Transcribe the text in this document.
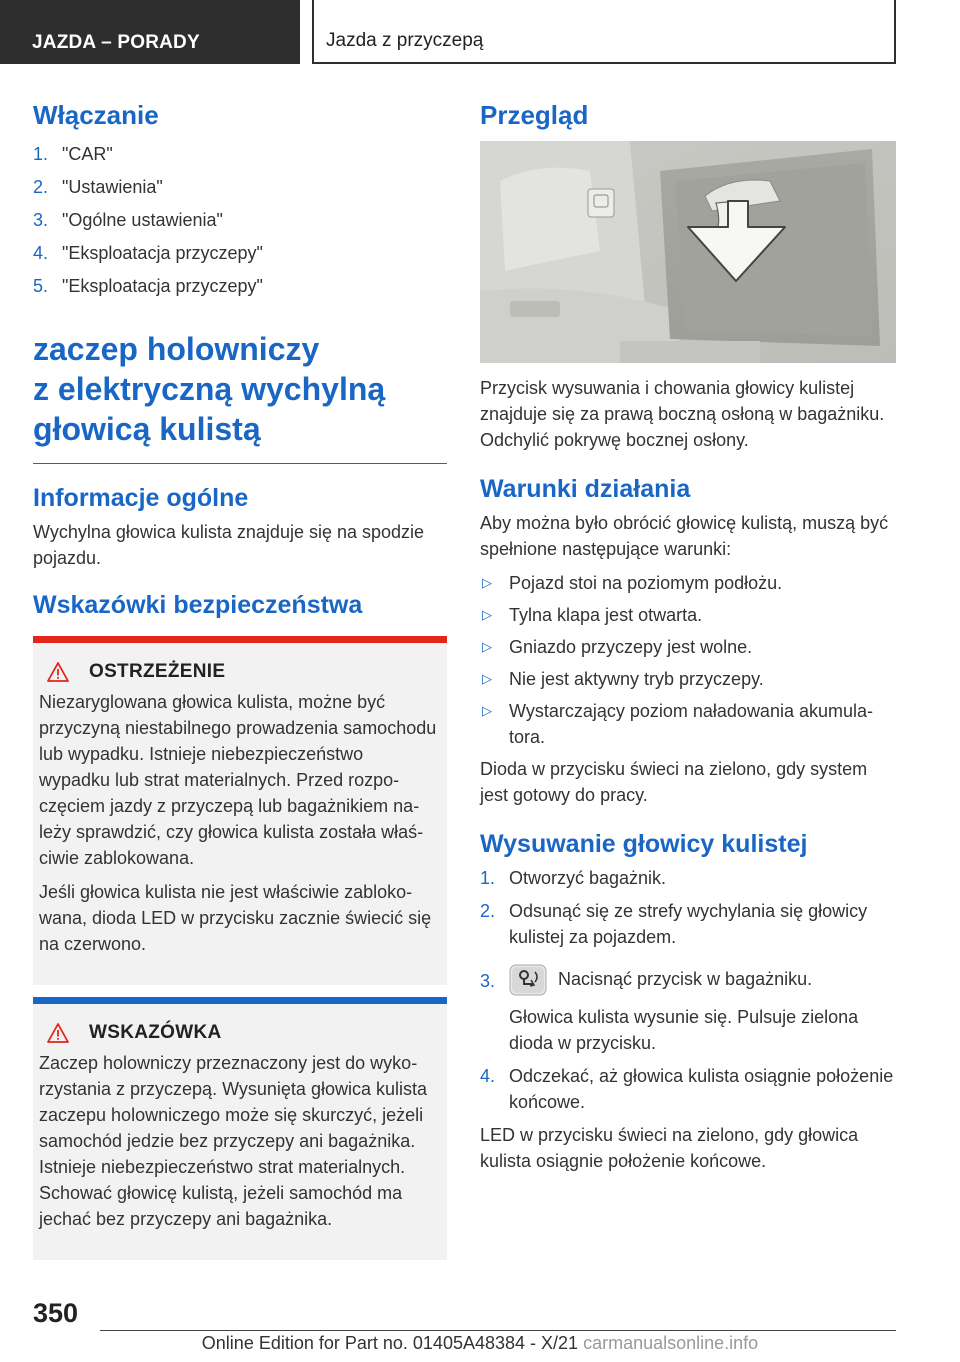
JAZDA – PORADY	Jazda z przyczepą
Włączanie
1. "CAR"
2. "Ustawienia"
3. "Ogólne ustawienia"
4. "Eksploatacja przyczepy"
5. "Eksploatacja przyczepy"
zaczep holowniczy
z elektryczną wychylną
głowicą kulistą
Informacje ogólne

Wychylna głowica kulista znajduje się na spodzie pojazdu.

Wskazówki bezpieczeństwa
OSTRZEŻENIE

Niezaryglowana głowica kulista, możne być przyczyną niestabilnego prowadzenia samochodu lub wypadku. Istnieje niebezpieczeństwo wypadku lub strat materialnych. Przed rozpoczęciem jazdy z przyczepą lub bagażnikiem należy sprawdzić, czy głowica kulista została właściwie zablokowana.

Jeśli głowica kulista nie jest właściwie zablokowana, dioda LED w przycisku zacznie świecić się na czerwono.

WSKAZÓWKA

Zaczep holowniczy przeznaczony jest do wykorzystania z przyczepą. Wysunięta głowica kulista zaczepu holowniczego może się skurczyć, jeżeli samochód jedzie bez przyczepy ani bagażnika. Istnieje niebezpieczeństwo strat materialnych. Schować głowicę kulistą, jeżeli samochód ma jechać bez przyczepy ani bagażnika.

Przegląd

Przycisk wysuwania i chowania głowicy kulistej znajduje się za prawą boczną osłoną w bagażniku. Odchylić pokrywę bocznej osłony.

Warunki działania

Aby można było obrócić głowicę kulistą, muszą być spełnione następujące warunki:

▷ Pojazd stoi na poziomym podłożu.
▷ Tylna klapa jest otwarta.
▷ Gniazdo przyczepy jest wolne.
▷ Nie jest aktywny tryb przyczepy.
▷ Wystarczający poziom naładowania akumulatora.

Dioda w przycisku świeci na zielono, gdy system jest gotowy do pracy.

Wysuwanie głowicy kulistej
1. Otworzyć bagażnik.
2. Odsunąć się ze strefy wychylania się głowicy kulistej za pojazdem.
3.	Nacisnąć przycisk w bagażniku.
Głowica kulista wysunie się. Pulsuje zielona dioda w przycisku.
4. Odczekać, aż głowica kulista osiągnie położenie końcowe.

LED w przycisku świeci na zielono, gdy głowica kulista osiągnie położenie końcowe.

350
Online Edition for Part no. 01405A48384 - X/21 carmanualsonline.info
